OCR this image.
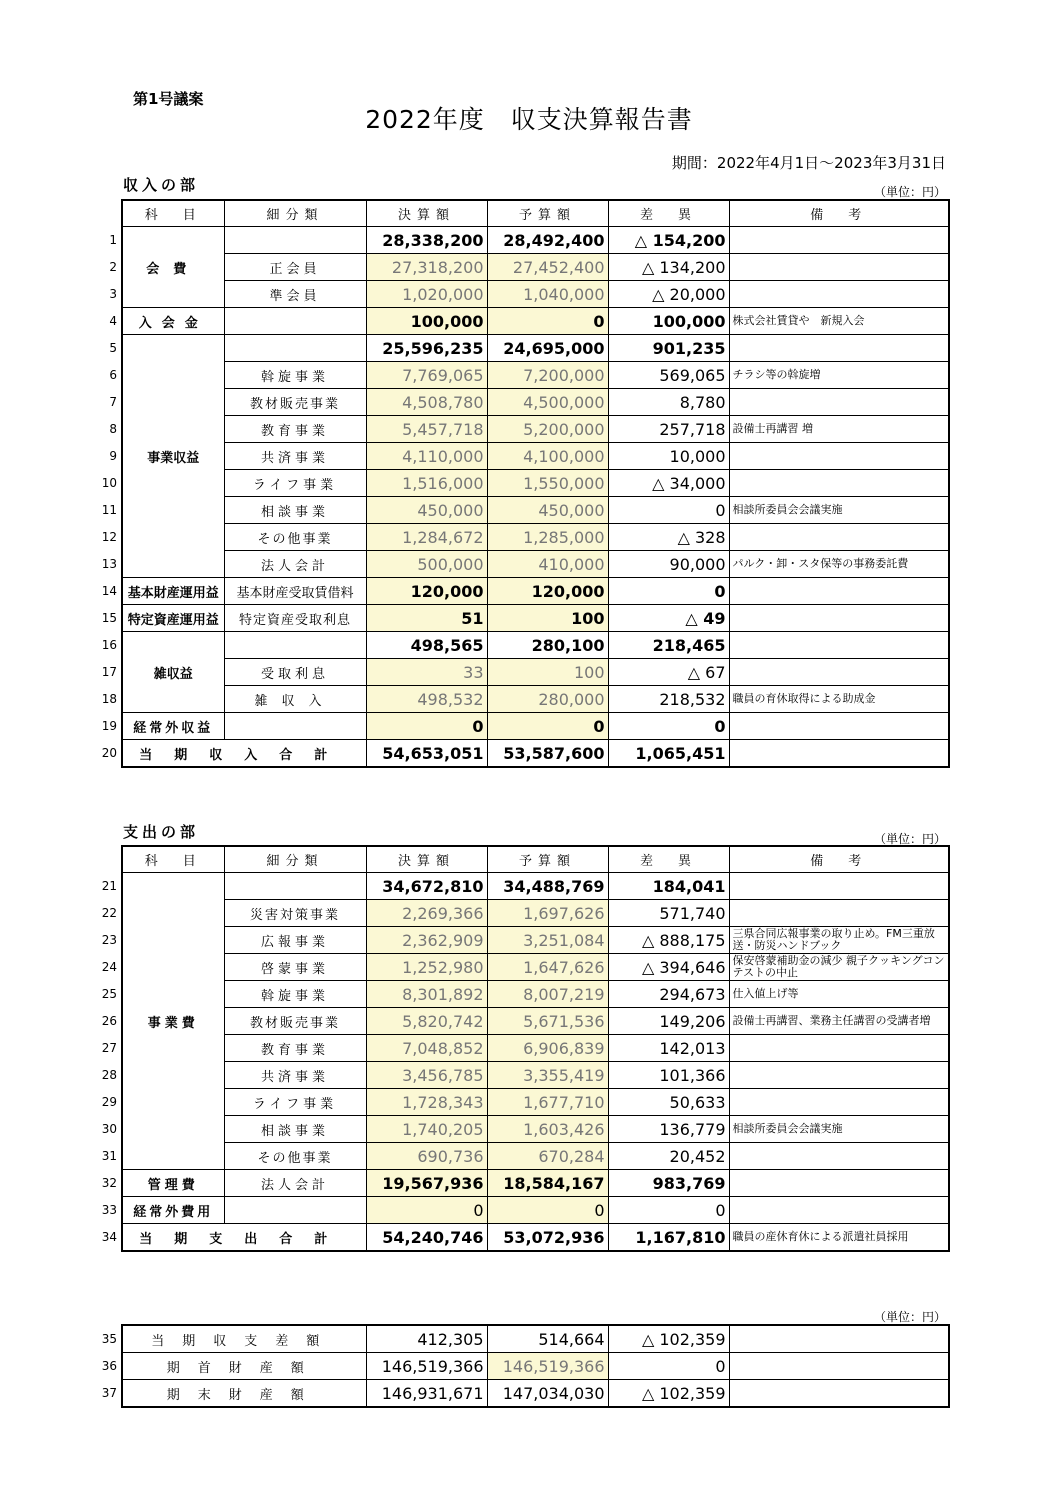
第1号議案
2022年度　収支決算報告書
期間：2022年4月1日～2023年3月31日
収入の部	（単位：円）
	科　目	細分類	決算額	予算額	差　異	備　考
1			28,338,200	28,492,400	△ 154,200	
2	会費	正会員	27,318,200	27,452,400	△ 134,200	
3		準会員	1,020,000	1,040,000	△ 20,000	
4	入会金		100,000	0	100,000	株式会社賃貸や　新規入会
5			25,596,235	24,695,000	901,235	
6		斡旋事業	7,769,065	7,200,000	569,065	チラシ等の斡旋増
7		教材販売事業	4,508,780	4,500,000	8,780	
8		教育事業	5,457,718	5,200,000	257,718	設備士再講習 増
9	事業収益	共済事業	4,110,000	4,100,000	10,000	
10		ライフ事業	1,516,000	1,550,000	△ 34,000	
11		相談事業	450,000	450,000	0	相談所委員会会議実施
12		その他事業	1,284,672	1,285,000	△ 328	
13		法人会計	500,000	410,000	90,000	パルク・卸・スタ保等の事務委託費
14	基本財産運用益	基本財産受取賃借料	120,000	120,000	0	
15	特定資産運用益	特定資産受取利息	51	100	△ 49	
16			498,565	280,100	218,465	
17	雑収益	受取利息	33	100	△ 67	
18		雑収入	498,532	280,000	218,532	職員の育休取得による助成金
19	経常外収益		0	0	0	
20	当期収入合計		54,653,051	53,587,600	1,065,451	
支出の部	（単位：円）
	科　目	細分類	決算額	予算額	差　異	備　考
21			34,672,810	34,488,769	184,041	
22		災害対策事業	2,269,366	1,697,626	571,740	
23		広報事業	2,362,909	3,251,084	△ 888,175	三県合同広報事業の取り止め。FM三重放送・防災ハンドブック
24		啓蒙事業	1,252,980	1,647,626	△ 394,646	保安啓蒙補助金の減少 親子クッキングコンテストの中止
25		斡旋事業	8,301,892	8,007,219	294,673	仕入値上げ等
26	事業費	教材販売事業	5,820,742	5,671,536	149,206	設備士再講習、業務主任講習の受講者増
27		教育事業	7,048,852	6,906,839	142,013	
28		共済事業	3,456,785	3,355,419	101,366	
29		ライフ事業	1,728,343	1,677,710	50,633	
30		相談事業	1,740,205	1,603,426	136,779	相談所委員会会議実施
31		その他事業	690,736	670,284	20,452	
32	管理費	法人会計	19,567,936	18,584,167	983,769	
33	経常外費用		0	0	0	
34	当期支出合計		54,240,746	53,072,936	1,167,810	職員の産休育休による派遣社員採用
（単位：円）
35	当期収支差額	412,305	514,664	△ 102,359	
36	期首財産額	146,519,366	146,519,366	0	
37	期末財産額	146,931,671	147,034,030	△ 102,359	
